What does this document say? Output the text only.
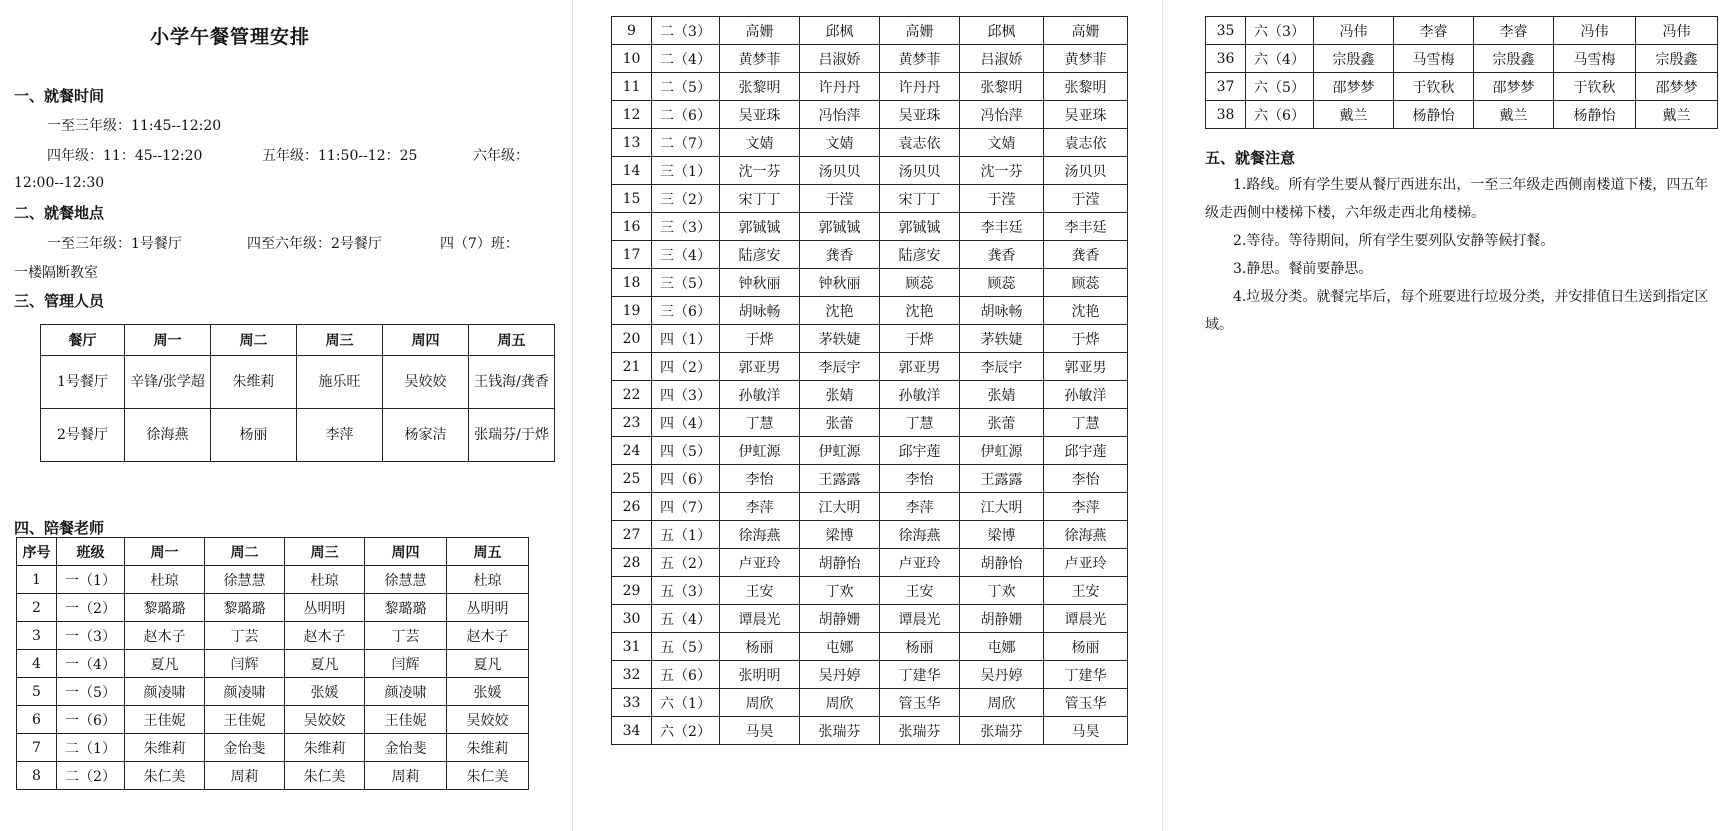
小学午餐管理安排
一、就餐时间
一至三年级：11:45--12:20
四年级：11：45--12:20	五年级：11:50--12：25	六年级：
12:00--12:30
二、就餐地点
一至三年级：1号餐厅	四至六年级：2号餐厅	四（7）班：
一楼隔断教室
三、管理人员
餐厅	周一	周二	周三	周四	周五
1号餐厅	辛锋/张学超	朱维莉	施乐旺	吴姣姣	王钱海/龚香
2号餐厅	徐海燕	杨丽	李萍	杨家洁	张瑞芬/于烨
四、陪餐老师
序号	班级	周一	周二	周三	周四	周五
1	一（1）	杜琼	徐慧慧	杜琼	徐慧慧	杜琼
2	一（2）	黎璐璐	黎璐璐	丛明明	黎璐璐	丛明明
3	一（3）	赵木子	丁芸	赵木子	丁芸	赵木子
4	一（4）	夏凡	闫辉	夏凡	闫辉	夏凡
5	一（5）	颜凌啸	颜凌啸	张媛	颜凌啸	张媛
6	一（6）	王佳妮	王佳妮	吴姣姣	王佳妮	吴姣姣
7	二（1）	朱维莉	金怡斐	朱维莉	金怡斐	朱维莉
8	二（2）	朱仁美	周莉	朱仁美	周莉	朱仁美
9	二（3）	高姗	邱枫	高姗	邱枫	高姗
10	二（4）	黄梦菲	吕淑娇	黄梦菲	吕淑娇	黄梦菲
11	二（5）	张黎明	许丹丹	许丹丹	张黎明	张黎明
12	二（6）	吴亚珠	冯怡萍	吴亚珠	冯怡萍	吴亚珠
13	二（7）	文婧	文婧	袁志依	文婧	袁志依
14	三（1）	沈一芬	汤贝贝	汤贝贝	沈一芬	汤贝贝
15	三（2）	宋丁丁	于滢	宋丁丁	于滢	于滢
16	三（3）	郭铖铖	郭铖铖	郭铖铖	李丰廷	李丰廷
17	三（4）	陆彦安	龚香	陆彦安	龚香	龚香
18	三（5）	钟秋丽	钟秋丽	顾蕊	顾蕊	顾蕊
19	三（6）	胡咏畅	沈艳	沈艳	胡咏畅	沈艳
20	四（1）	于烨	茅轶婕	于烨	茅轶婕	于烨
21	四（2）	郭亚男	李辰宇	郭亚男	李辰宇	郭亚男
22	四（3）	孙敏洋	张婧	孙敏洋	张婧	孙敏洋
23	四（4）	丁慧	张蕾	丁慧	张蕾	丁慧
24	四（5）	伊虹源	伊虹源	邱宇莲	伊虹源	邱宇莲
25	四（6）	李怡	王露露	李怡	王露露	李怡
26	四（7）	李萍	江大明	李萍	江大明	李萍
27	五（1）	徐海燕	梁博	徐海燕	梁博	徐海燕
28	五（2）	卢亚玲	胡静怡	卢亚玲	胡静怡	卢亚玲
29	五（3）	王安	丁欢	王安	丁欢	王安
30	五（4）	谭晨光	胡静姗	谭晨光	胡静姗	谭晨光
31	五（5）	杨丽	屯娜	杨丽	屯娜	杨丽
32	五（6）	张明明	吴丹婷	丁建华	吴丹婷	丁建华
33	六（1）	周欣	周欣	管玉华	周欣	管玉华
34	六（2）	马昊	张瑞芬	张瑞芬	张瑞芬	马昊
35	六（3）	冯伟	李睿	李睿	冯伟	冯伟
36	六（4）	宗殷鑫	马雪梅	宗殷鑫	马雪梅	宗殷鑫
37	六（5）	邵梦梦	于钦秋	邵梦梦	于钦秋	邵梦梦
38	六（6）	戴兰	杨静怡	戴兰	杨静怡	戴兰
五、就餐注意

1.路线。所有学生要从餐厅西进东出，一至三年级走西侧南楼道下楼，四五年级走西侧中楼梯下楼，六年级走西北角楼梯。

2.等待。等待期间，所有学生要列队安静等候打餐。

3.静思。餐前要静思。

4.垃圾分类。就餐完毕后，每个班要进行垃圾分类，并安排值日生送到指定区域。
